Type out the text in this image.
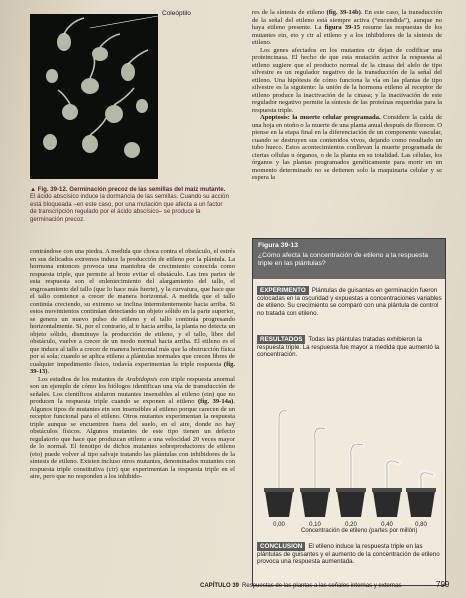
Coleóptilo
▲ Fig. 39-12. Germinación precoz de las semillas del maíz mutante. El ácido abscísico induce la dormancia de las semillas. Cuando su acción está bloqueada –en este caso, por una mutación que afecta a un factor de transcripción regulado por el ácido abscísico– se produce la germinación precoz.

res de la síntesis de etileno (fig. 39-14b). En este caso, la transducción de la señal del etileno está siempre activa (“encendida”), aunque no haya etileno presente. La figura 39-15 resume las respuestas de los mutantes ein, eto y ctr al etileno y a los inhibidores de la síntesis de etileno.

Los genes afectados en los mutantes ctr dejan de codificar una proteincinasa. El hecho de que esta mutación active la respuesta al etileno sugiere que el producto normal de la cinasa del alelo de tipo silvestre es un regulador negativo de la transducción de la señal del etileno. Una hipótesis de cómo funciona la vía en las plantas de tipo silvestre es la siguiente: la unión de la hormona etileno al receptor de etileno produce la inactivación de la cinasa; y la inactivación de este regulador negativo permite la síntesis de las proteínas requeridas para la respuesta triple.

Apoptosis: la muerte celular programada. Considere la caída de una hoja en otoño o la muerte de una planta anual después de florecer. O piense en la etapa final en la diferenciación de un componente vascular, cuando se destruyen sus contenidos vivos, dejando como resultado un tubo hueco. Estos acontecimientos conllevan la muerte programada de ciertas células u órganos, o de la planta en su totalidad. Las células, los órganos y las plantas programados genéticamente para morir en un momento determinado no se detienen solo la maquinaria celular y se espera la

contrándose con una piedra. A medida que choca contra el obstáculo, el estrés en sus delicados extremos induce la producción de etileno por la plántula. La hormona entonces provoca una maniobra de crecimiento conocida como respuesta triple, que permite al brote evitar el obstáculo. Las tres partes de esta respuesta son el enlentecimiento del alargamiento del tallo, el engrosamiento del tallo (que lo hace más fuerte), y la curvatura, que hace que el tallo comience a crecer de manera horizontal. A medida que el tallo continúa creciendo, su extremo se inclina intermitentemente hacia arriba. Si estos movimientos continúan detectando un objeto sólido en la parte superior, se genera un nuevo pulso de etileno y el tallo continúa progresando horizontalmente. Si, por el contrario, al ir hacia arriba, la planta no detecta un objeto sólido, disminuye la producción de etileno, y el tallo, libre del obstáculo, vuelve a crecer de un modo normal hacia arriba. El etileno es el que induce al tallo a crecer de manera horizontal más que la obstrucción física por sí sola; cuando se aplica etileno a plántulas normales que crecen libres de cualquier impedimento físico, todavía experimentan la triple respuesta (fig. 39-13).

Los estudios de los mutantes de Arabidopsis con triple respuesta anormal son un ejemplo de cómo los biólogos identifican una vía de transducción de señales. Los científicos aislaron mutantes insensibles al etileno (ein) que no producen la respuesta triple cuando se exponen al etileno (fig. 39-14a). Algunos tipos de mutantes ein son insensibles al etileno porque carecen de un receptor funcional para el etileno. Otros mutantes experimentan la respuesta triple aunque se encuentren fuera del suelo, en el aire, donde no hay obstáculos físicos. Algunos mutantes de este tipo tienen un defecto regulatorio que hace que produzcan etileno a una velocidad 20 veces mayor de lo normal. El fenotipo de dichos mutantes sobreproductores de etileno (eto) puede volver al tipo salvaje tratando las plántulas con inhibidores de la síntesis de etileno. Existen incluso otros mutantes, denominados mutantes con respuesta triple constitutiva (ctr) que experimentan la respuesta triple en el aire, pero que no responden a los inhibido-

Figura 39-13
¿Cómo afecta la concentración de etileno a la respuesta triple en las plántulas?
EXPERIMENTO Plántulas de guisantes en germinación fueron colocadas en la oscuridad y expuestas a concentraciones variables de etileno. Su crecimiento se comparó con una plántula de control no tratada con etileno.
RESULTADOS Todas las plántulas tratadas exhibieron la respuesta triple. La respuesta fue mayor a medida que aumentó la concentración.
0,00	0,10	0,20	0,40	0,80
Concentración de etileno (partes por millón)
CONCLUSION El etileno induce la respuesta triple en las plántulas de guisantes y el aumento de la concentración de etileno provoca una respuesta aumentada.
CAPÍTULO 39 Respuestas de las plantas a las señales internas y externas	799
